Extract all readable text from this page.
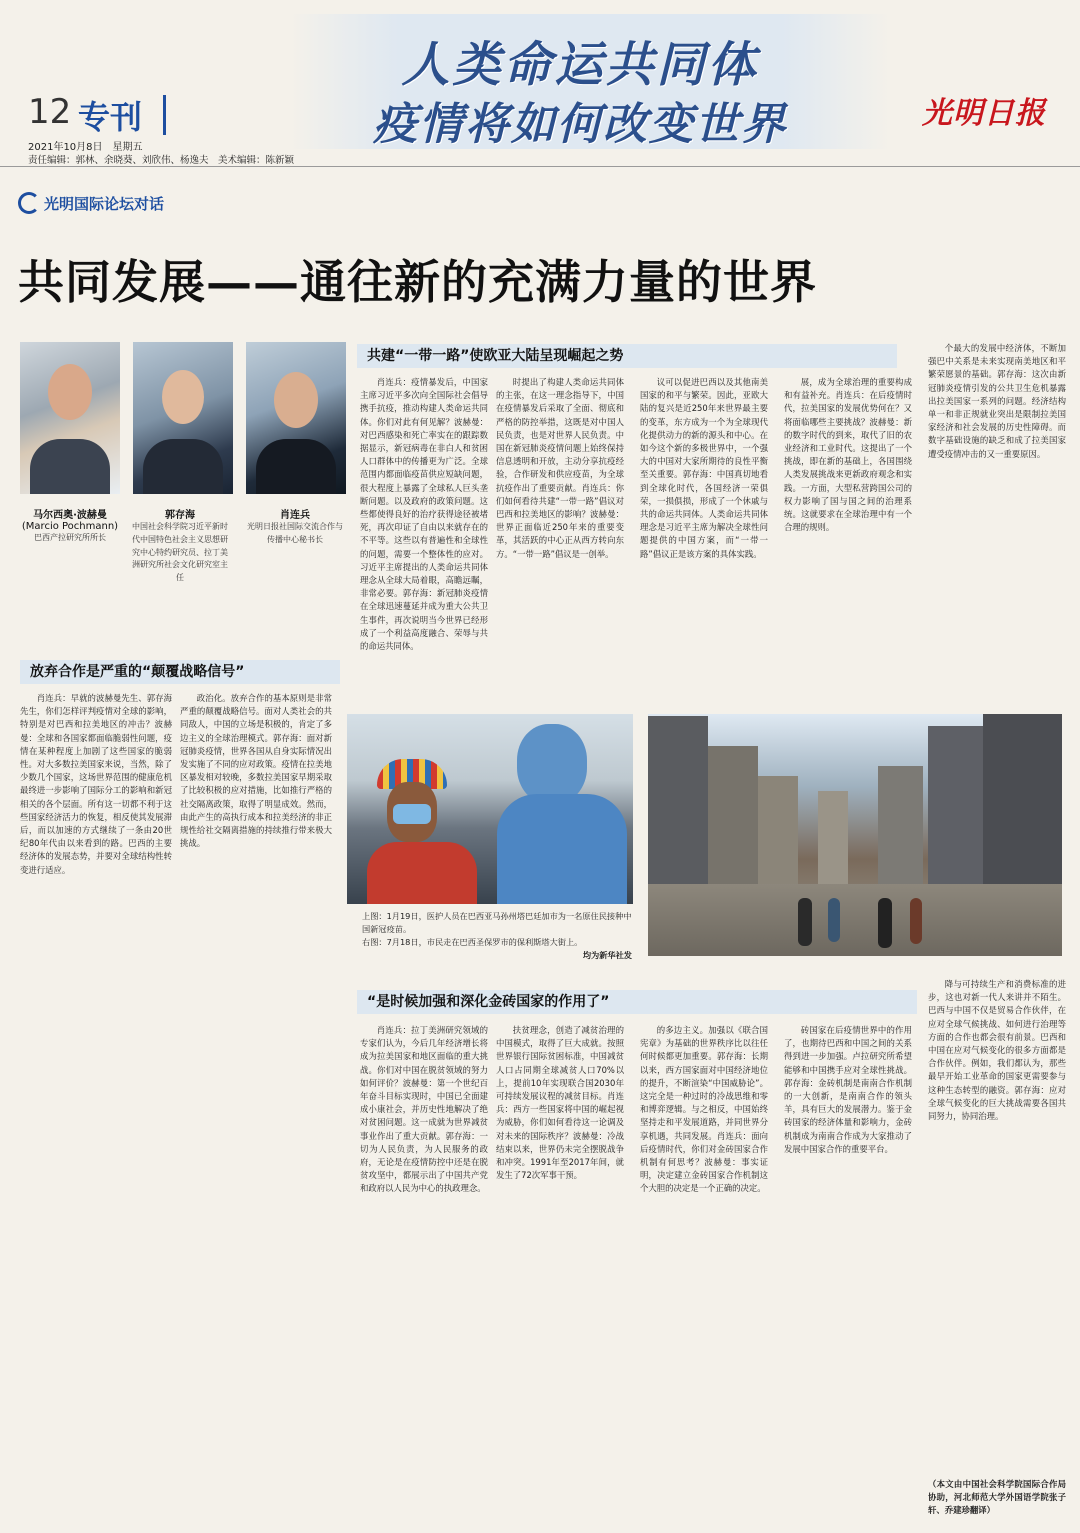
人类命运共同体
疫情将如何改变世界
12 专刊
2021年10月8日　星期五
责任编辑：郭林、余晓葵、刘欣伟、杨逸夫　美术编辑：陈新颖
光明日报
光明国际论坛对话
共同发展——通往新的充满力量的世界
马尔西奥·波赫曼
(Marcio Pochmann)
巴西产拉研究所所长
郭存海
中国社会科学院习近平新时代中国特色社会主义思想研究中心特约研究员、拉丁美洲研究所社会文化研究室主任
肖连兵
光明日报社国际交流合作与传播中心秘书长
共建“一带一路”使欧亚大陆呈现崛起之势

肖连兵：疫情暴发后，中国家主席习近平多次向全国际社会倡导携手抗疫，推动构建人类命运共同体。你们对此有何见解？波赫曼：对巴西感染和死亡率实在的跟踪数据显示，新冠病毒在非白人和贫困人口群体中的传播更为广泛。全球范围内都面临疫苗供应短缺问题，很大程度上暴露了全球私人巨头垄断问题。以及政府的政策问题。这些都使得良好的治疗获得途径被堵死，再次印证了自由以来就存在的不平等。这些以有普遍性和全球性的问题，需要一个整体性的应对。习近平主席提出的人类命运共同体理念从全球大局着眼，高瞻远瞩，非常必要。郭存海：新冠肺炎疫情在全球迅速蔓延并成为重大公共卫生事件，再次说明当今世界已经形成了一个利益高度融合、荣辱与共的命运共同体。

时提出了构建人类命运共同体的主张，在这一理念指导下，中国在疫情暴发后采取了全面、彻底和严格的防控举措，这既是对中国人民负责，也是对世界人民负责。中国在新冠肺炎疫情问题上始终保持信息透明和开放，主动分享抗疫经验，合作研发和供应疫苗，为全球抗疫作出了重要贡献。肖连兵：你们如何看待共建“一带一路”倡议对巴西和拉美地区的影响？波赫曼：世界正面临近250年来的重要变革，其活跃的中心正从西方转向东方。“一带一路”倡议是一创举。

议可以促进巴西以及其他南美国家的和平与繁荣。因此，亚欧大陆的复兴是近250年来世界最主要的变革，东方成为一个为全球现代化提供动力的新的源头和中心。在如今这个新的多极世界中，一个强大的中国对大家所期待的良性平衡至关重要。郭存海：中国真切地看到全球化时代，各国经济一荣俱荣，一损俱损，形成了一个休戚与共的命运共同体。人类命运共同体理念是习近平主席为解决全球性问题提供的中国方案，而“一带一路”倡议正是该方案的具体实践。

展，成为全球治理的重要构成和有益补充。肖连兵：在后疫情时代，拉美国家的发展优势何在？又将面临哪些主要挑战？波赫曼：新的数字时代的到来，取代了旧的农业经济和工业时代。这提出了一个挑战，即在新的基础上，各国围绕人类发展挑战来更新政府观念和实践。一方面，大型私营跨国公司的权力影响了国与国之间的治理系统。这就要求在全球治理中有一个合理的规则。

个最大的发展中经济体，不断加强巴中关系是未来实现南美地区和平繁荣愿景的基础。郭存海：这次由新冠肺炎疫情引发的公共卫生危机暴露出拉美国家一系列的问题。经济结构单一和非正规就业突出是限制拉美国家经济和社会发展的历史性障碍。而数字基础设施的缺乏和成了拉美国家遭受疫情冲击的又一重要原因。

放弃合作是严重的“颠覆战略信号”

肖连兵：早就的波赫曼先生、郭存海先生，你们怎样评判疫情对全球的影响，特别是对巴西和拉美地区的冲击？波赫曼：全球和各国家都面临脆弱性问题，疫情在某种程度上加剧了这些国家的脆弱性。对大多数拉美国家来说，当然，除了少数几个国家，这场世界范围的健康危机最终进一步影响了国际分工的影响和新冠相关的各个层面。所有这一切都不利于这些国家经济活力的恢复，相反使其发展滞后，而以加速的方式继续了一条由20世纪80年代由以来看到的路。巴西的主要经济体的发展态势，并要对全球结构性转变进行适应。

政治化。放弃合作的基本原则是非常严重的颠覆战略信号。面对人类社会的共同敌人，中国的立场是积极的，肯定了多边主义的全球治理模式。郭存海：面对新冠肺炎疫情，世界各国从自身实际情况出发实施了不同的应对政策。疫情在拉美地区暴发相对较晚，多数拉美国家早期采取了比较积极的应对措施，比如推行严格的社交隔离政策，取得了明显成效。然而，由此产生的高执行成本和拉美经济的非正规性给社交隔离措施的持续推行带来极大挑战。

上图：1月19日，医护人员在巴西亚马孙州塔巴廷加市为一名原住民接种中国新冠疫苗。
右图：7月18日，市民走在巴西圣保罗市的保利斯塔大街上。
均为新华社发
“是时候加强和深化金砖国家的作用了”

肖连兵：拉丁美洲研究领域的专家们认为，今后几年经济增长将成为拉美国家和地区面临的重大挑战。你们对中国在脱贫领域的努力如何评价？波赫曼：第一个世纪百年奋斗目标实现时，中国已全面建成小康社会，并历史性地解决了绝对贫困问题。这一成就为世界减贫事业作出了重大贡献。郭存海：一切为人民负责，为人民服务的政府，无论是在疫情防控中还是在脱贫攻坚中，都展示出了中国共产党和政府以人民为中心的执政理念。

扶贫理念，创造了减贫治理的中国模式，取得了巨大成就。按照世界银行国际贫困标准，中国减贫人口占同期全球减贫人口70%以上，提前10年实现联合国2030年可持续发展议程的减贫目标。肖连兵：西方一些国家将中国的崛起视为威胁，你们如何看待这一论调及对未来的国际秩序？波赫曼：冷战结束以来，世界仍未完全摆脱战争和冲突。1991年至2017年间，就发生了72次军事干预。

的多边主义。加强以《联合国宪章》为基础的世界秩序比以往任何时候都更加重要。郭存海：长期以来，西方国家面对中国经济地位的提升，不断渲染“中国威胁论”。这完全是一种过时的冷战思维和零和博弈逻辑。与之相反，中国始终坚持走和平发展道路，并同世界分享机遇，共同发展。肖连兵：面向后疫情时代，你们对金砖国家合作机制有何思考？波赫曼：事实证明，决定建立金砖国家合作机制这个大胆的决定是一个正确的决定。

砖国家在后疫情世界中的作用了，也期待巴西和中国之间的关系得到进一步加强。卢拉研究所希望能够和中国携手应对全球性挑战。郭存海：金砖机制是南南合作机制的一大创新，是南南合作的领头羊，具有巨大的发展潜力。鉴于金砖国家的经济体量和影响力，金砖机制成为南南合作成为大家推动了发展中国家合作的重要平台。

降与可持续生产和消费标准的进步，这也对新一代人来讲并不陌生。巴西与中国不仅是贸易合作伙伴，在应对全球气候挑战、如何进行治理等方面的合作也都会很有前景。巴西和中国在应对气候变化的很多方面都是合作伙伴。例如，我们都认为，那些最早开始工业革命的国家更需要参与这种生态转型的融资。郭存海：应对全球气候变化的巨大挑战需要各国共同努力，协同治理。

（本文由中国社会科学院国际合作局协助，河北师范大学外国语学院张子轩、乔建珍翻译）
